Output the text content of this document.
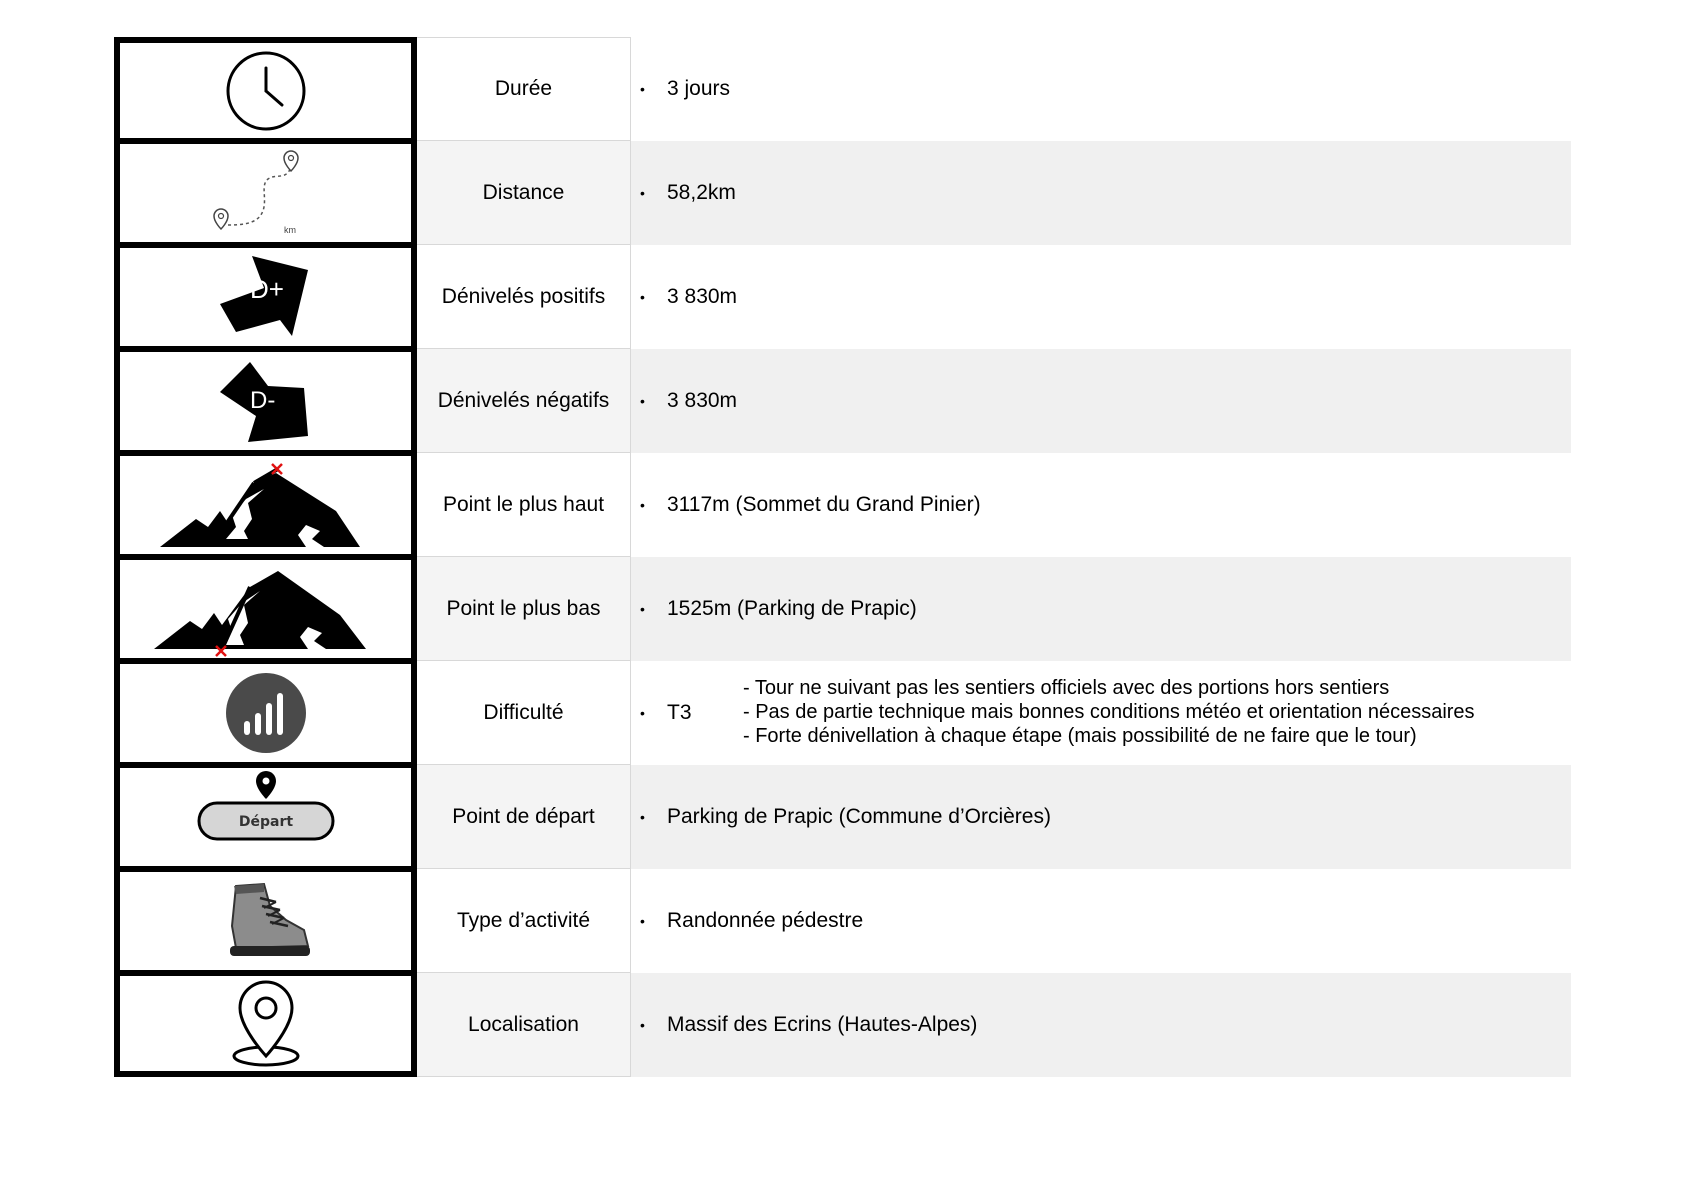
Durée	• 3 jours
km
Distance	• 58,2km
D+	Dénivelés positifs	• 3 830m
D-	Dénivelés négatifs	• 3 830m
Point le plus haut	• 3117m (Sommet du Grand Pinier)
Point le plus bas	• 1525m (Parking de Prapic)
Difficulté	• T3
- Tour ne suivant pas les sentiers officiels avec des portions hors sentiers
- Pas de partie technique mais bonnes conditions météo et orientation nécessaires
- Forte dénivellation à chaque étape (mais possibilité de ne faire que le tour)
Départ	Point de départ	• Parking de Prapic (Commune d’Orcières)
Type d’activité	• Randonnée pédestre
Localisation	• Massif des Ecrins (Hautes-Alpes)
